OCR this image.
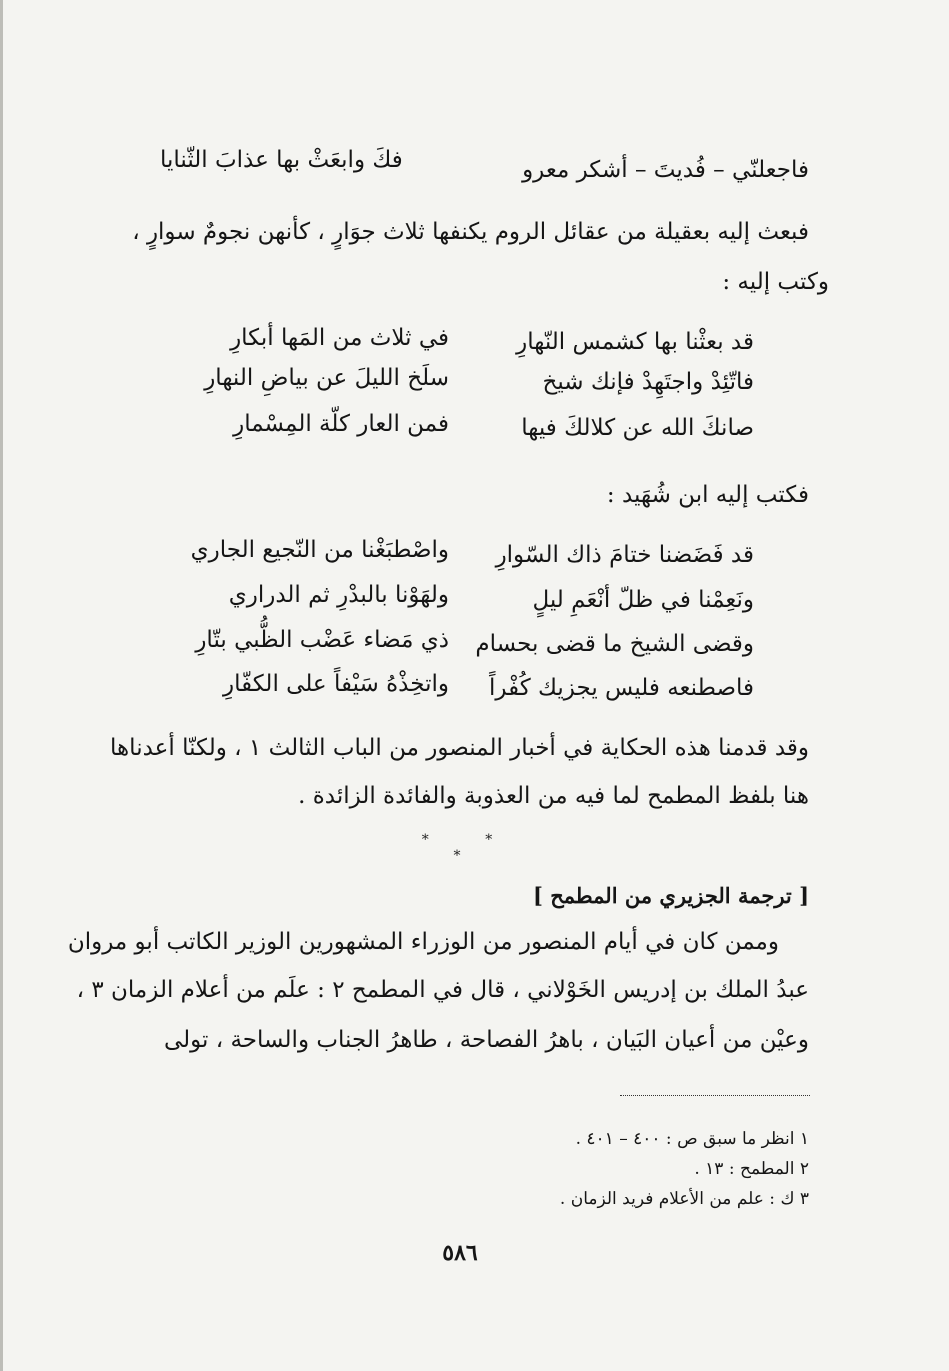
فاجعلنّي – فُديتَ – أشكر معرو
فكَ وابعَثْ بها عذابَ الثّنايا
فبعث إليه بعقيلة من عقائل الروم يكنفها ثلاث جوَارٍ ، كأنهن نجومٌ سوارٍ ،
وكتب إليه :
قد بعثْنا بها كشمس النّهارِ
في ثلاث من المَها أبكارِ
فاتّئِدْ واجتَهِدْ فإنك شيخ
سلَخ الليلَ عن بياضِ النهارِ
صانكَ الله عن كلالكَ فيها
فمن العار كلّة المِسْمارِ
فكتب إليه ابن شُهَيد :
قد فَضَضنا ختامَ ذاك السّوارِ
واصْطبَغْنا من النّجيع الجاري
ونَعِمْنا في ظلّ أنْعَمِ ليلٍ
ولهَوْنا بالبدْرِ ثم الدراري
وقضى الشيخ ما قضى بحسام
ذي مَضاء عَضْب الظُّبي بتّارِ
فاصطنعه فليس يجزيك كُفْراً
واتخِذْهُ سَيْفاً على الكفّارِ
وقد قدمنا هذه الحكاية في أخبار المنصور من الباب الثالث ١ ، ولكنّا أعدناها
هنا بلفظ المطمح لما فيه من العذوبة والفائدة الزائدة .
* * *
[ ترجمة الجزيري من المطمح ]
وممن كان في أيام المنصور من الوزراء المشهورين الوزير الكاتب أبو مروان
عبدُ الملك بن إدريس الخَوْلاني ، قال في المطمح ٢ : علَم من أعلام الزمان ٣ ،
وعيْن من أعيان البَيان ، باهرُ الفصاحة ، طاهرُ الجناب والساحة ، تولى
١ انظر ما سبق ص : ٤٠٠ – ٤٠١ .
٢ المطمح : ١٣ .
٣ ك : علم من الأعلام فريد الزمان .
٥٨٦
